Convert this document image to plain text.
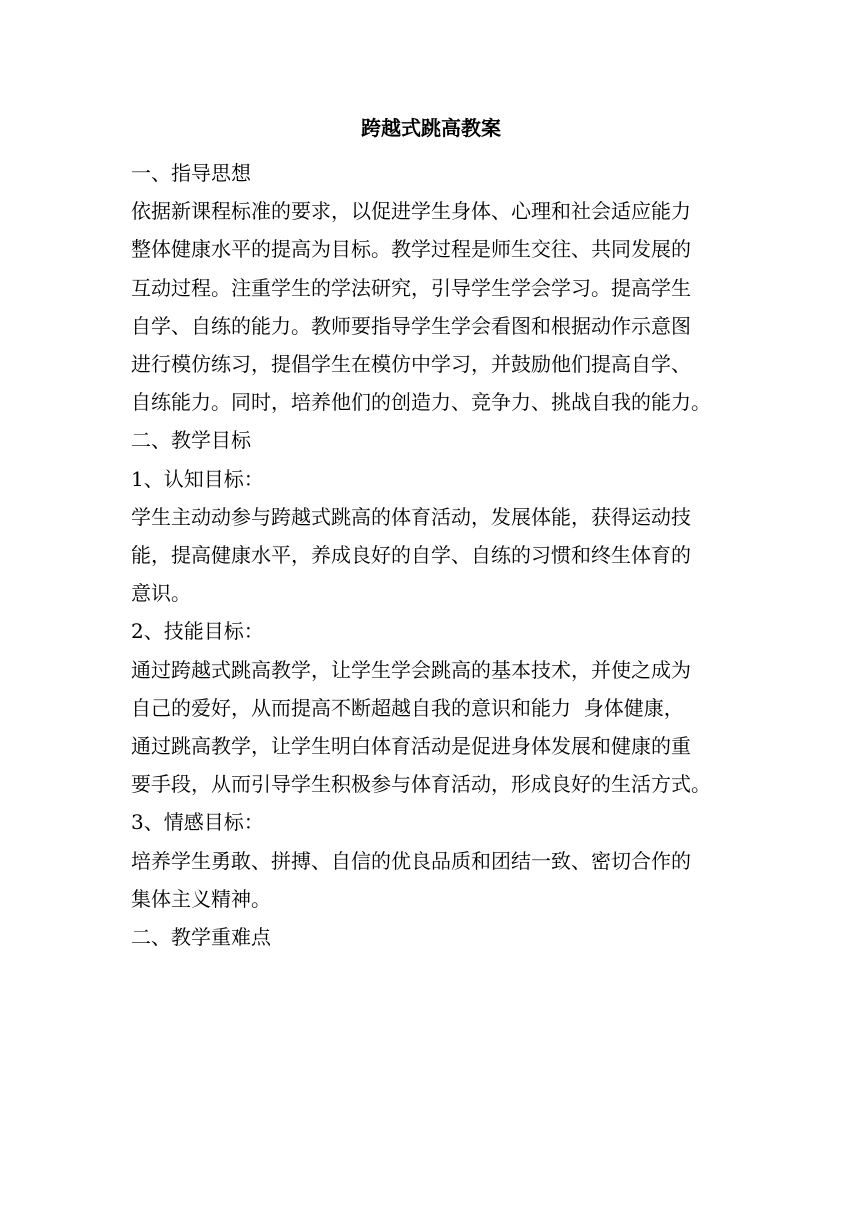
跨越式跳高教案
一、指导思想
依据新课程标准的要求，以促进学生身体、心理和社会适应能力
整体健康水平的提高为目标。教学过程是师生交往、共同发展的
互动过程。注重学生的学法研究，引导学生学会学习。提高学生
自学、自练的能力。教师要指导学生学会看图和根据动作示意图
进行模仿练习，提倡学生在模仿中学习，并鼓励他们提高自学、
自练能力。同时，培养他们的创造力、竞争力、挑战自我的能力。
二、教学目标
1、认知目标：
学生主动动参与跨越式跳高的体育活动，发展体能，获得运动技
能，提高健康水平，养成良好的自学、自练的习惯和终生体育的
意识。
2、技能目标：
通过跨越式跳高教学，让学生学会跳高的基本技术，并使之成为
自己的爱好，从而提高不断超越自我的意识和能力  身体健康，
通过跳高教学，让学生明白体育活动是促进身体发展和健康的重
要手段，从而引导学生积极参与体育活动，形成良好的生活方式。
3、情感目标：
培养学生勇敢、拼搏、自信的优良品质和团结一致、密切合作的
集体主义精神。
二、教学重难点
